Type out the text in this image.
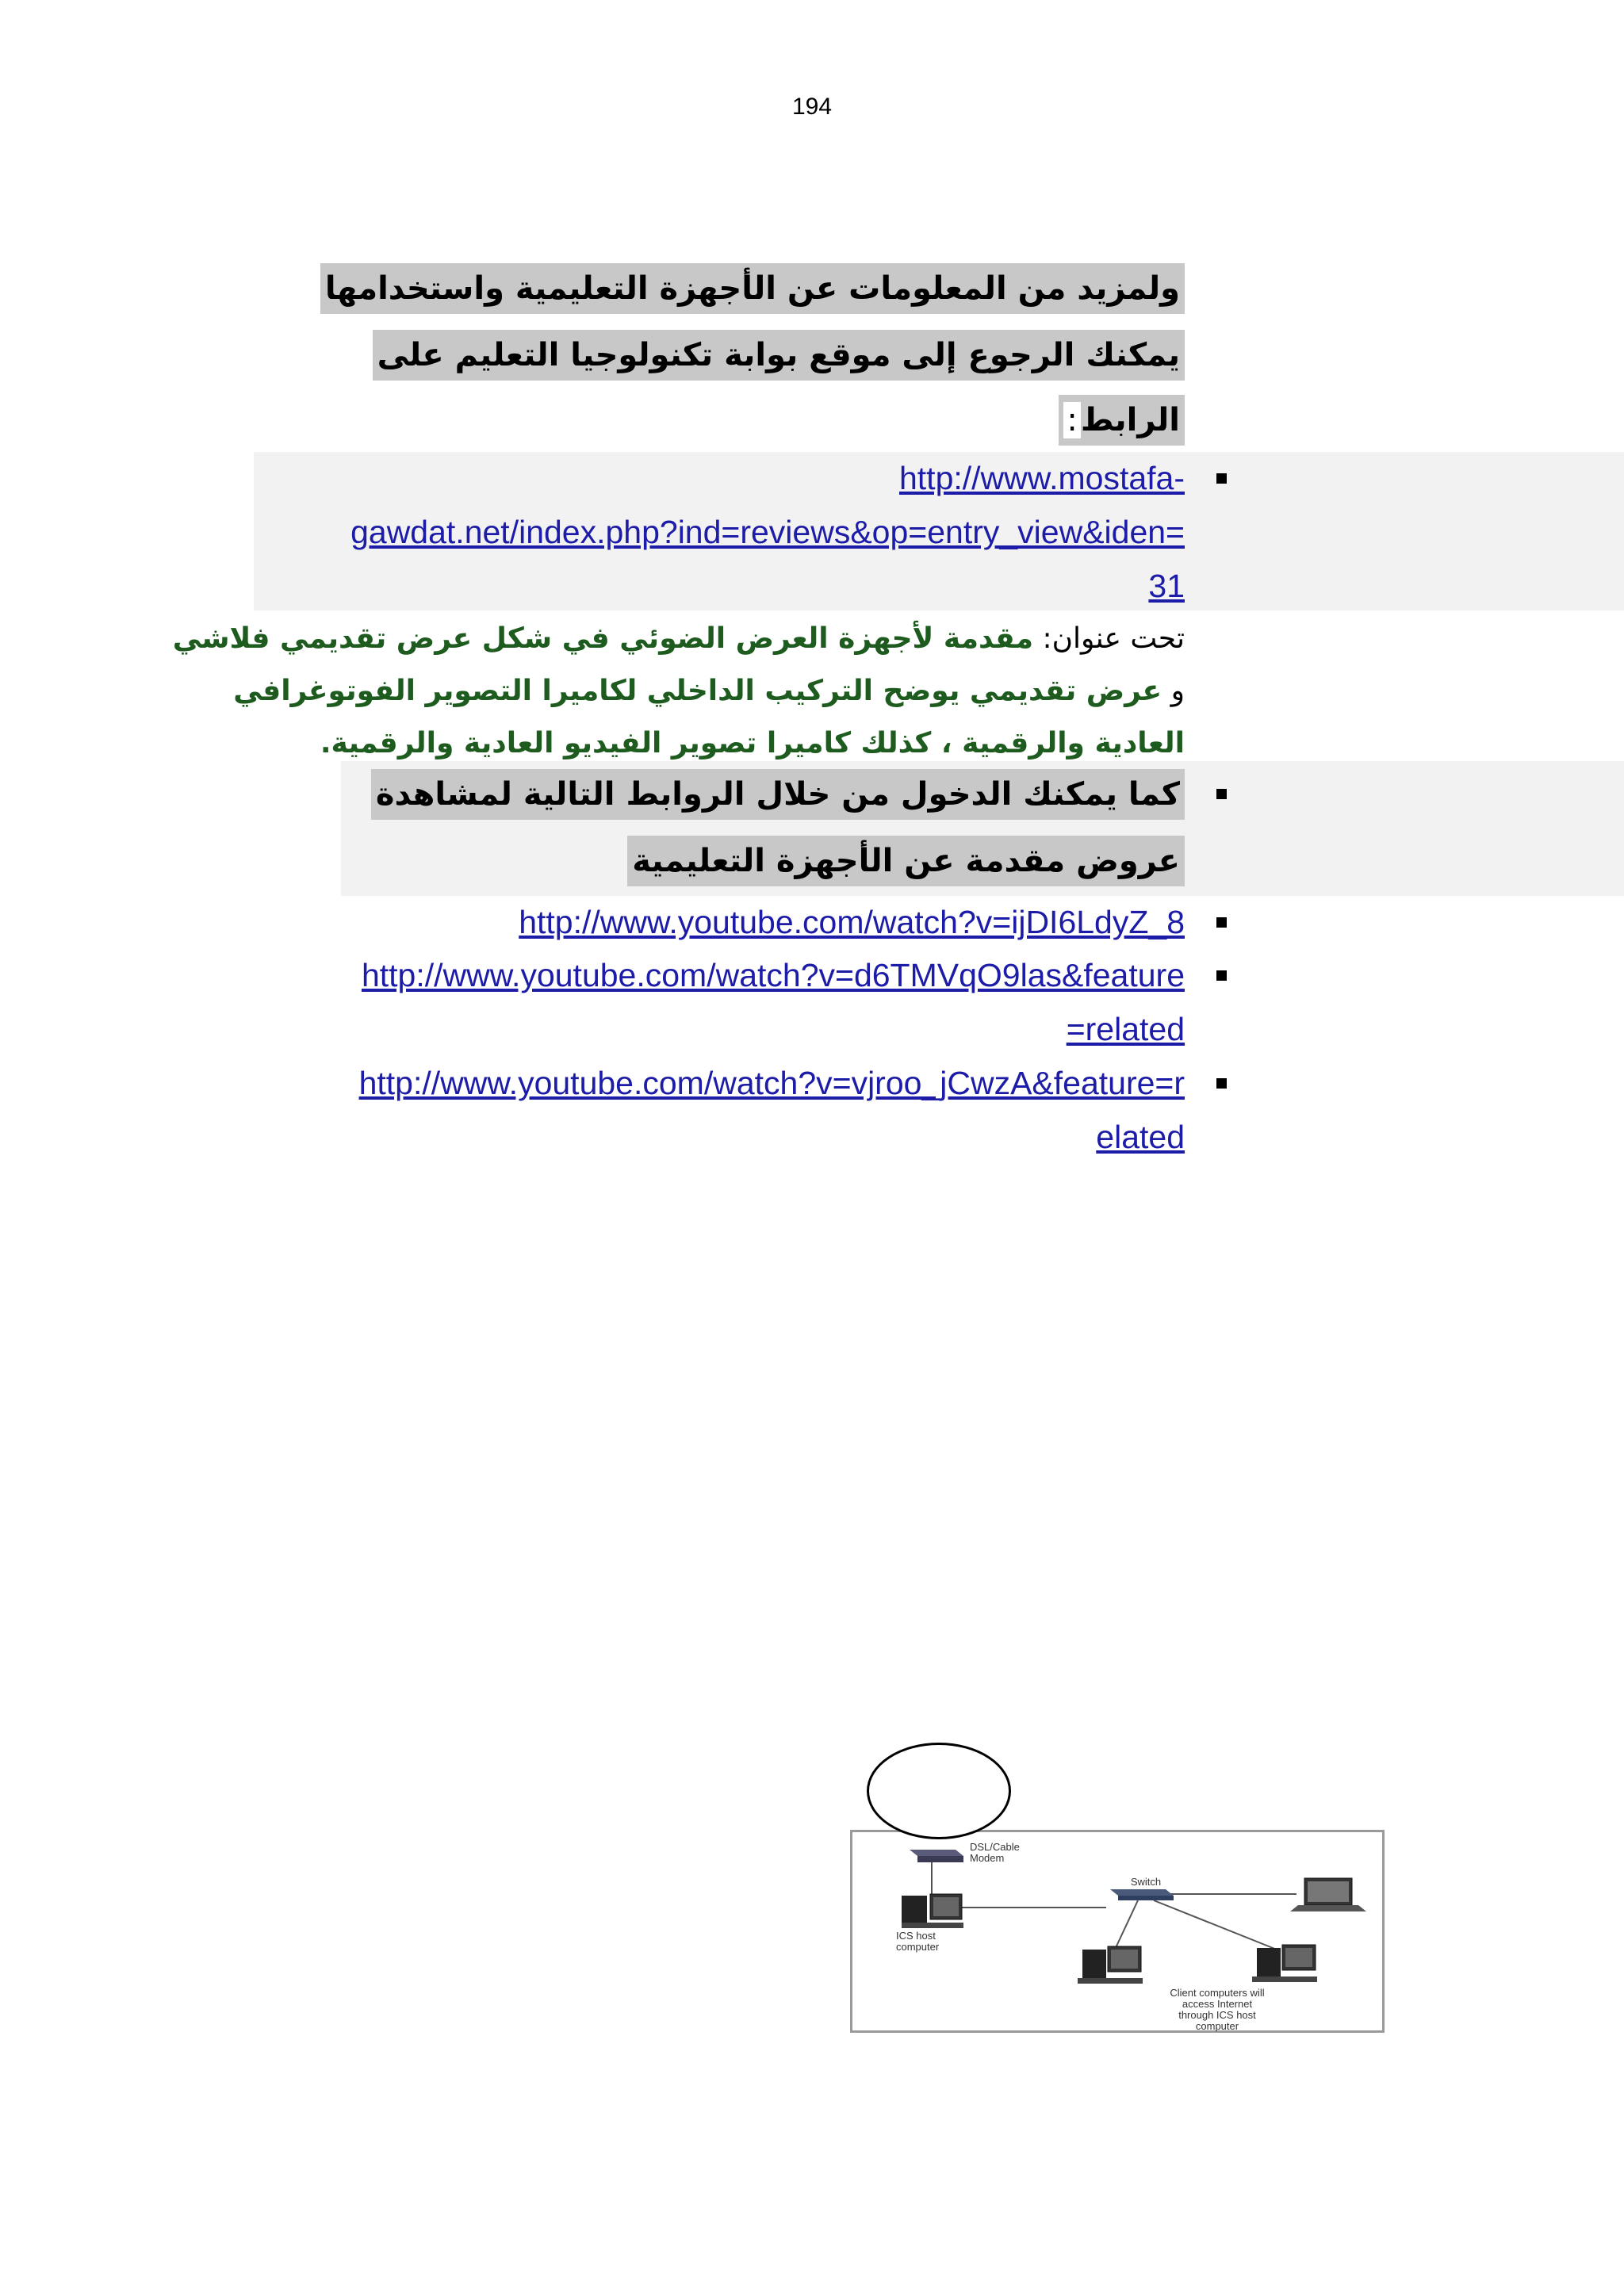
194
ولمزيد من المعلومات عن الأجهزة التعليمية واستخدامها
يمكنك الرجوع إلى موقع بوابة تكنولوجيا التعليم على
الرابط:
http://www.mostafa-
gawdat.net/index.php?ind=reviews&op=entry_view&iden=
31
تحت عنوان: مقدمة لأجهزة العرض الضوئي في شكل عرض تقديمي فلاشي
و عرض تقديمي يوضح التركيب الداخلي لكاميرا التصوير الفوتوغرافي
العادية والرقمية ، كذلك كاميرا تصوير الفيديو العادية والرقمية.
كما يمكنك الدخول من خلال الروابط التالية لمشاهدة
عروض مقدمة عن الأجهزة التعليمية
http://www.youtube.com/watch?v=ijDI6LdyZ_8
http://www.youtube.com/watch?v=d6TMVqO9las&feature
=related
http://www.youtube.com/watch?v=vjroo_jCwzA&feature=r
elated
DSL/Cable Modem
Switch
ICS host computer
Client computers will access Internet through ICS host computer
